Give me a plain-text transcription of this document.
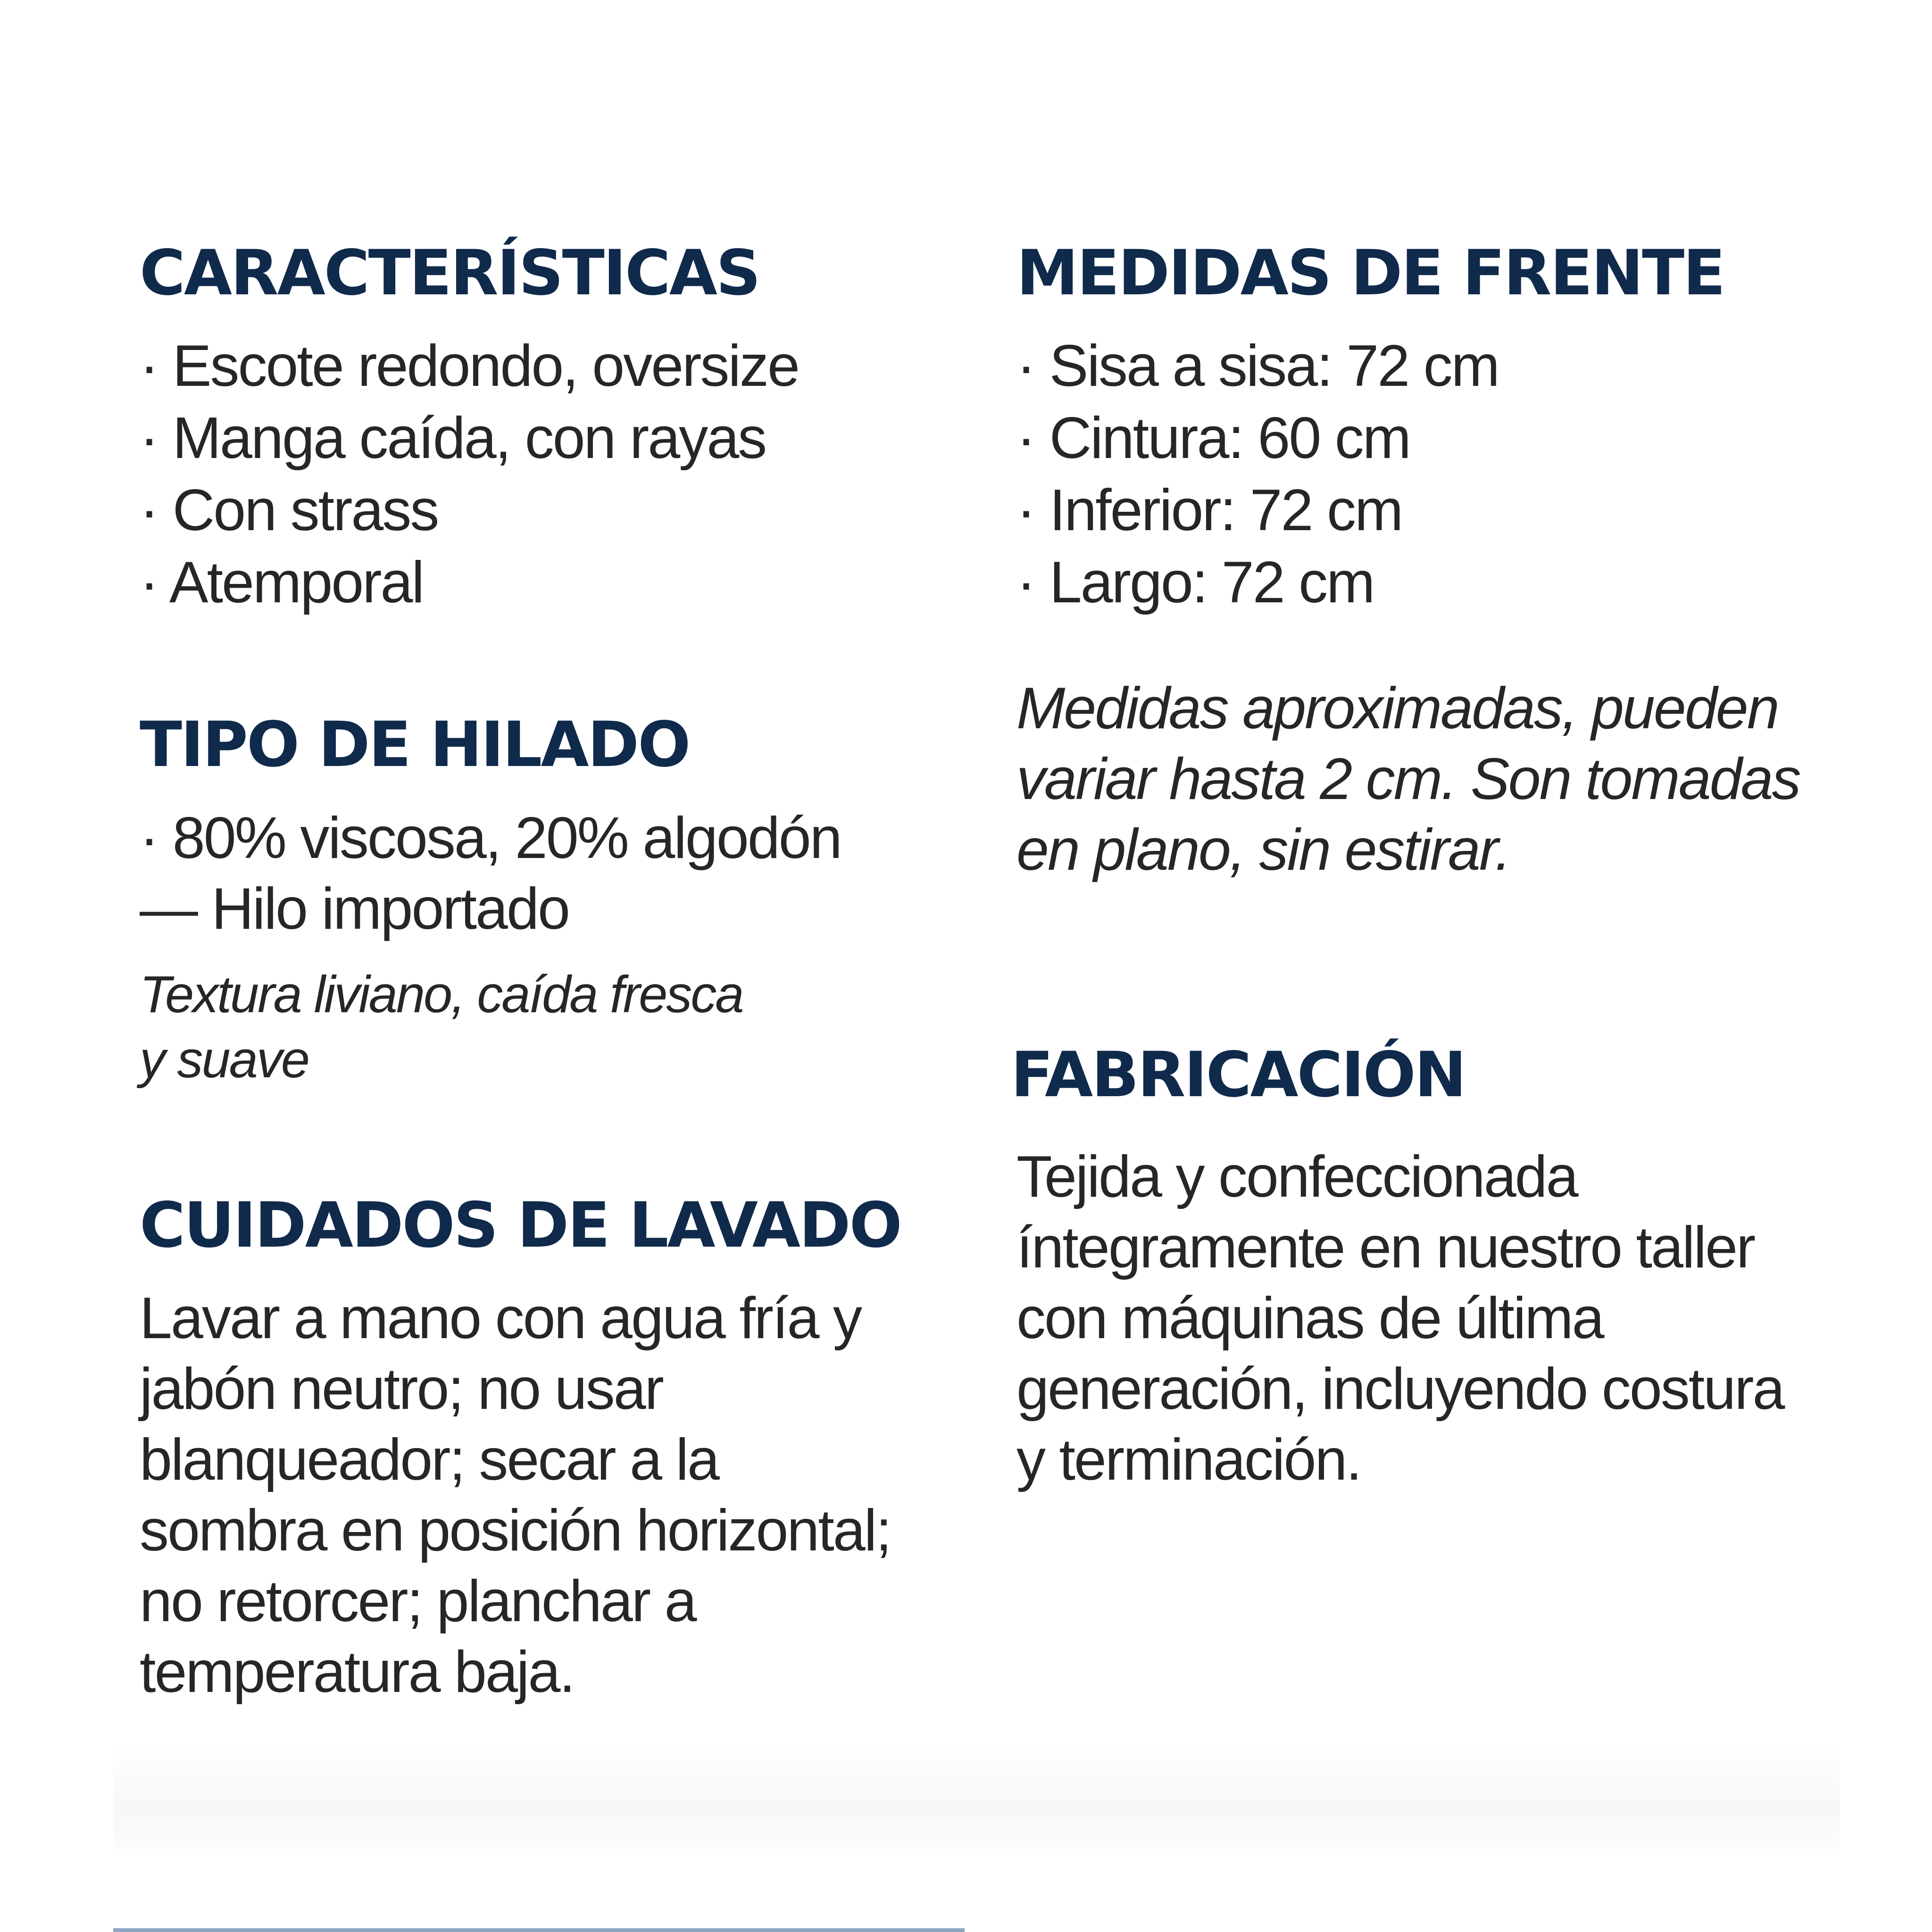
CARACTERÍSTICAS
· Escote redondo, oversize
· Manga caída, con rayas
· Con strass
· Atemporal
TIPO DE HILADO
· 80% viscosa, 20% algodón
— Hilo importado
Textura liviano, caída fresca
y suave
CUIDADOS DE LAVADO
Lavar a mano con agua fría y
jabón neutro; no usar
blanqueador; secar a la
sombra en posición horizontal;
no retorcer; planchar a
temperatura baja.
MEDIDAS DE FRENTE
· Sisa a sisa: 72 cm
· Cintura: 60 cm
· Inferior: 72 cm
· Largo: 72 cm
Medidas aproximadas, pueden
variar hasta 2 cm. Son tomadas
en plano, sin estirar.
FABRICACIÓN
Tejida y confeccionada
íntegramente en nuestro taller
con máquinas de última
generación, incluyendo costura
y terminación.
